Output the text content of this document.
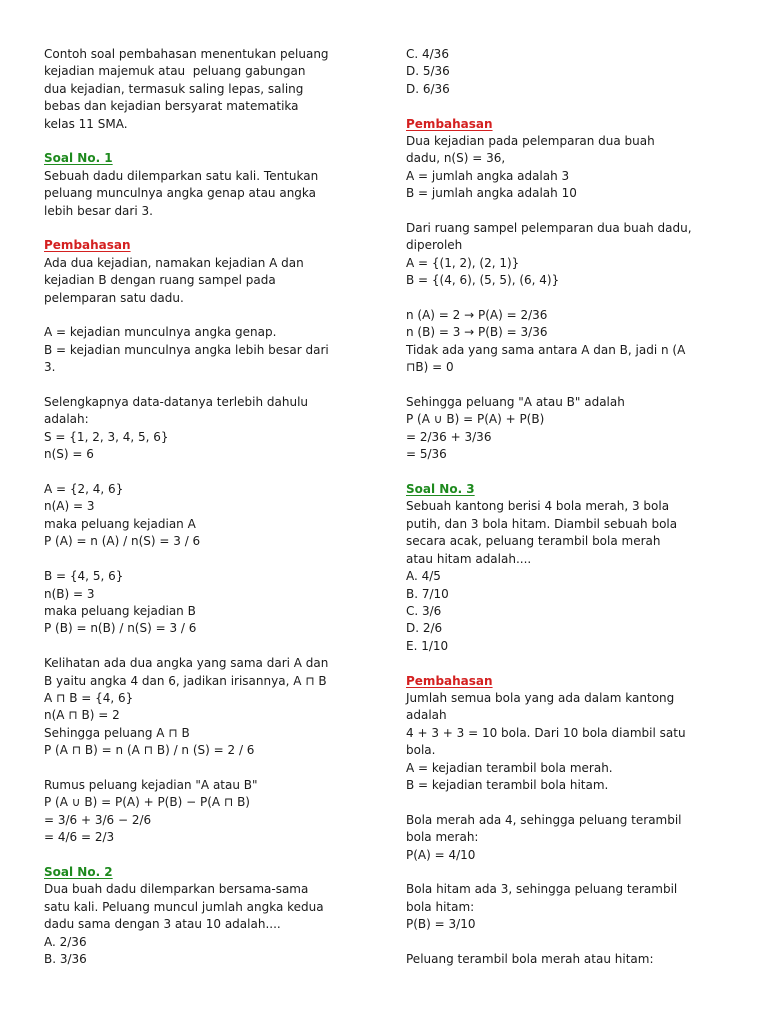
Contoh soal pembahasan menentukan peluang
kejadian majemuk atau  peluang gabungan
dua kejadian, termasuk saling lepas, saling
bebas dan kejadian bersyarat matematika
kelas 11 SMA.
Soal No. 1
Sebuah dadu dilemparkan satu kali. Tentukan
peluang munculnya angka genap atau angka
lebih besar dari 3.
Pembahasan
Ada dua kejadian, namakan kejadian A dan
kejadian B dengan ruang sampel pada
pelemparan satu dadu.
A = kejadian munculnya angka genap.
B = kejadian munculnya angka lebih besar dari
3.
Selengkapnya data-datanya terlebih dahulu
adalah:
S = {1, 2, 3, 4, 5, 6}
n(S) = 6
A = {2, 4, 6}
n(A) = 3
maka peluang kejadian A
P (A) = n (A) / n(S) = 3 / 6
B = {4, 5, 6}
n(B) = 3
maka peluang kejadian B
P (B) = n(B) / n(S) = 3 / 6
Kelihatan ada dua angka yang sama dari A dan
B yaitu angka 4 dan 6, jadikan irisannya, A ⊓ B
A ⊓ B = {4, 6}
n(A ⊓ B) = 2
Sehingga peluang A ⊓ B
P (A ⊓ B) = n (A ⊓ B) / n (S) = 2 / 6
Rumus peluang kejadian "A atau B"
P (A ∪ B) = P(A) + P(B) − P(A ⊓ B)
= 3/6 + 3/6 − 2/6
= 4/6 = 2/3
Soal No. 2
Dua buah dadu dilemparkan bersama-sama
satu kali. Peluang muncul jumlah angka kedua
dadu sama dengan 3 atau 10 adalah....
A. 2/36
B. 3/36
C. 4/36
D. 5/36
D. 6/36
Pembahasan
Dua kejadian pada pelemparan dua buah
dadu, n(S) = 36,
A = jumlah angka adalah 3
B = jumlah angka adalah 10
Dari ruang sampel pelemparan dua buah dadu,
diperoleh
A = {(1, 2), (2, 1)}
B = {(4, 6), (5, 5), (6, 4)}
n (A) = 2 → P(A) = 2/36
n (B) = 3 → P(B) = 3/36
Tidak ada yang sama antara A dan B, jadi n (A
⊓B) = 0
Sehingga peluang "A atau B" adalah
P (A ∪ B) = P(A) + P(B)
= 2/36 + 3/36
= 5/36
Soal No. 3
Sebuah kantong berisi 4 bola merah, 3 bola
putih, dan 3 bola hitam. Diambil sebuah bola
secara acak, peluang terambil bola merah
atau hitam adalah....
A. 4/5
B. 7/10
C. 3/6
D. 2/6
E. 1/10
Pembahasan
Jumlah semua bola yang ada dalam kantong
adalah
4 + 3 + 3 = 10 bola. Dari 10 bola diambil satu
bola.
A = kejadian terambil bola merah.
B = kejadian terambil bola hitam.
Bola merah ada 4, sehingga peluang terambil
bola merah:
P(A) = 4/10
Bola hitam ada 3, sehingga peluang terambil
bola hitam:
P(B) = 3/10
Peluang terambil bola merah atau hitam:
